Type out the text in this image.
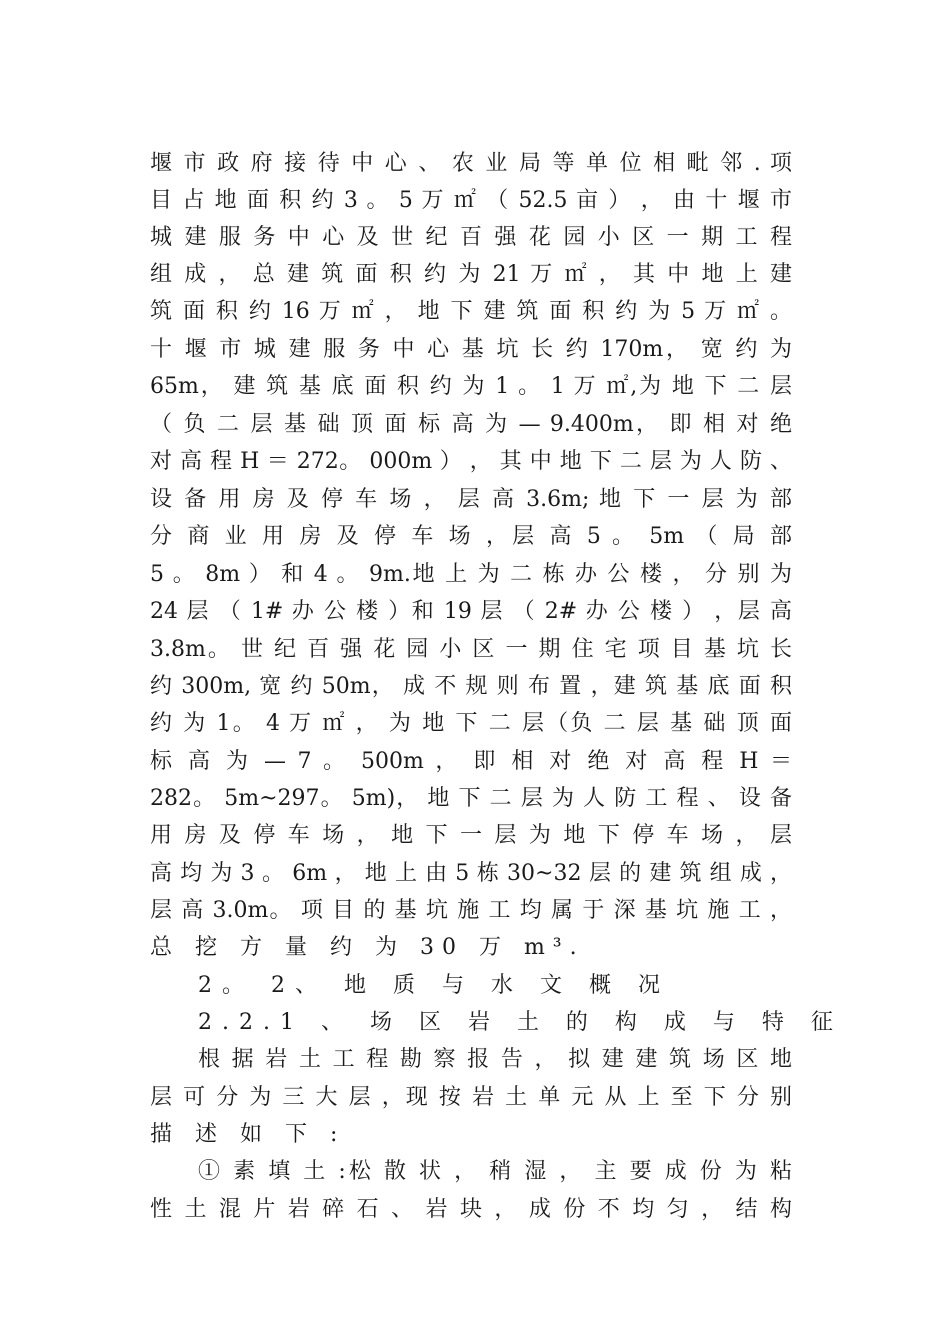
堰 市 政 府 接 待 中 心 、 农 业 局 等 单 位 相 毗 邻 . 项
目 占 地 面 积 约 3 。 5 万 ㎡ （ 52.5 亩 ） ， 由 十 堰 市
城 建 服 务 中 心 及 世 纪 百 强 花 园 小 区 一 期 工 程
组 成 ， 总 建 筑 面 积 约 为 21 万 ㎡ ， 其 中 地 上 建
筑 面 积 约 16 万 ㎡ ， 地 下 建 筑 面 积 约 为 5 万 ㎡ 。
十 堰 市 城 建 服 务 中 心 基 坑 长 约 170m， 宽 约 为
65m， 建 筑 基 底 面 积 约 为 1 。 1 万 ㎡,为 地 下 二 层
（ 负 二 层 基 础 顶 面 标 高 为 — 9.400m， 即 相 对 绝
对 高 程 H ＝ 272。 000m ） ， 其 中 地 下 二 层 为 人 防 、
设 备 用 房 及 停 车 场 ， 层 高 3.6m; 地 下 一 层 为 部
分 商 业 用 房 及 停 车 场 ，层 高 5 。 5m （ 局 部
5 。 8m ） 和 4 。 9m.地 上 为 二 栋 办 公 楼 ， 分 别 为
24 层 （ 1# 办 公 楼 ）和 19 层 （ 2# 办 公 楼 ） ，层 高
3.8m。 世 纪 百 强 花 园 小 区 一 期 住 宅 项 目 基 坑 长
约 300m, 宽 约 50m， 成 不 规 则 布 置 ，建 筑 基 底 面 积
约 为 1。 4 万 ㎡ ， 为 地 下 二 层（负 二 层 基 础 顶 面
标 高 为 — 7 。 500m ， 即 相 对 绝 对 高 程 H ＝
282。 5m~297。 5m)， 地 下 二 层 为 人 防 工 程 、 设 备
用 房 及 停 车 场 ， 地 下 一 层 为 地 下 停 车 场 ， 层
高 均 为 3 。 6m ， 地 上 由 5 栋 30~32 层 的 建 筑 组 成 ，
层 高 3.0m。 项 目 的 基 坑 施 工 均 属 于 深 基 坑 施 工 ，
总 挖 方 量 约 为 30 万 m³.
2。 2、 地 质 与 水 文 概 况
2.2.1 、 场 区 岩 土 的 构 成 与 特 征
根 据 岩 土 工 程 勘 察 报 告 ， 拟 建 建 筑 场 区 地
层 可 分 为 三 大 层 ，现 按 岩 土 单 元 从 上 至 下 分 别
描 述 如 下 :
① 素 填 土 :松 散 状 ， 稍 湿 ， 主 要 成 份 为 粘
性 土 混 片 岩 碎 石 、 岩 块 ， 成 份 不 均 匀 ， 结 构
